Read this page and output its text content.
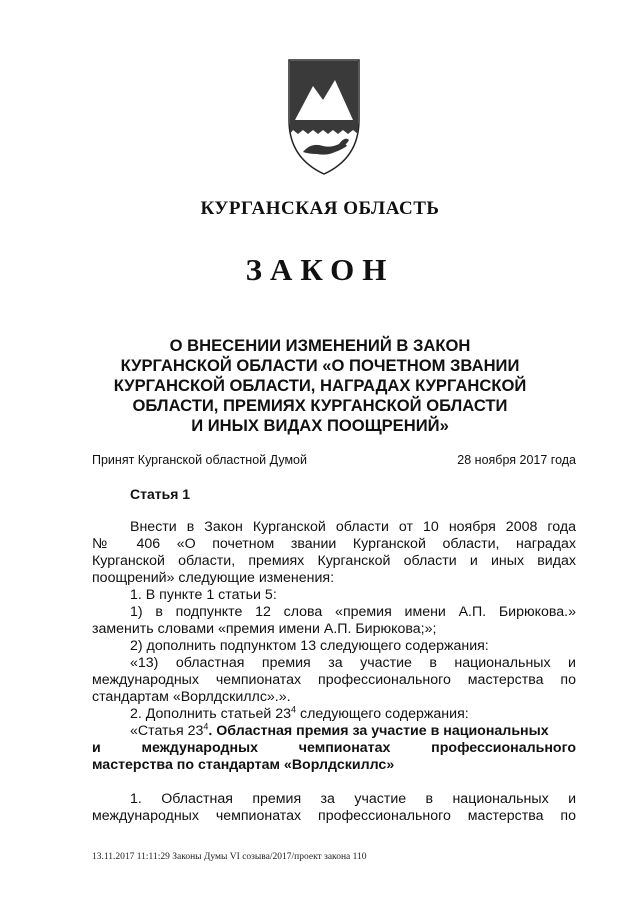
КУРГАНСКАЯ ОБЛАСТЬ
ЗАКОН
О ВНЕСЕНИИ ИЗМЕНЕНИЙ В ЗАКОН
КУРГАНСКОЙ ОБЛАСТИ «О ПОЧЕТНОМ ЗВАНИИ
КУРГАНСКОЙ ОБЛАСТИ, НАГРАДАХ КУРГАНСКОЙ
ОБЛАСТИ, ПРЕМИЯХ КУРГАНСКОЙ ОБЛАСТИ
И ИНЫХ ВИДАХ ПООЩРЕНИЙ»
Принят Курганской областной Думой	28 ноября 2017 года
Статья 1
Внести в Закон Курганской области от 10 ноября 2008 года
№ 406 «О почетном звании Курганской области, наградах
Курганской области, премиях Курганской области и иных видах
поощрений» следующие изменения:
1. В пункте 1 статьи 5:
1) в подпункте 12 слова «премия имени А.П. Бирюкова.»
заменить словами «премия имени А.П. Бирюкова;»;
2) дополнить подпунктом 13 следующего содержания:
«13) областная премия за участие в национальных и
международных чемпионатах профессионального мастерства по
стандартам «Ворлдскиллс».».
2. Дополнить статьей $23^4$ следующего содержания:
«Статья $23^4$. Областная премия за участие в национальных
и международных чемпионатах профессионального
мастерства по стандартам «Ворлдскиллс»
1. Областная премия за участие в национальных и
международных чемпионатах профессионального мастерства по
13.11.2017 11:11:29 Законы Думы VI созыва/2017/проект закона 110
